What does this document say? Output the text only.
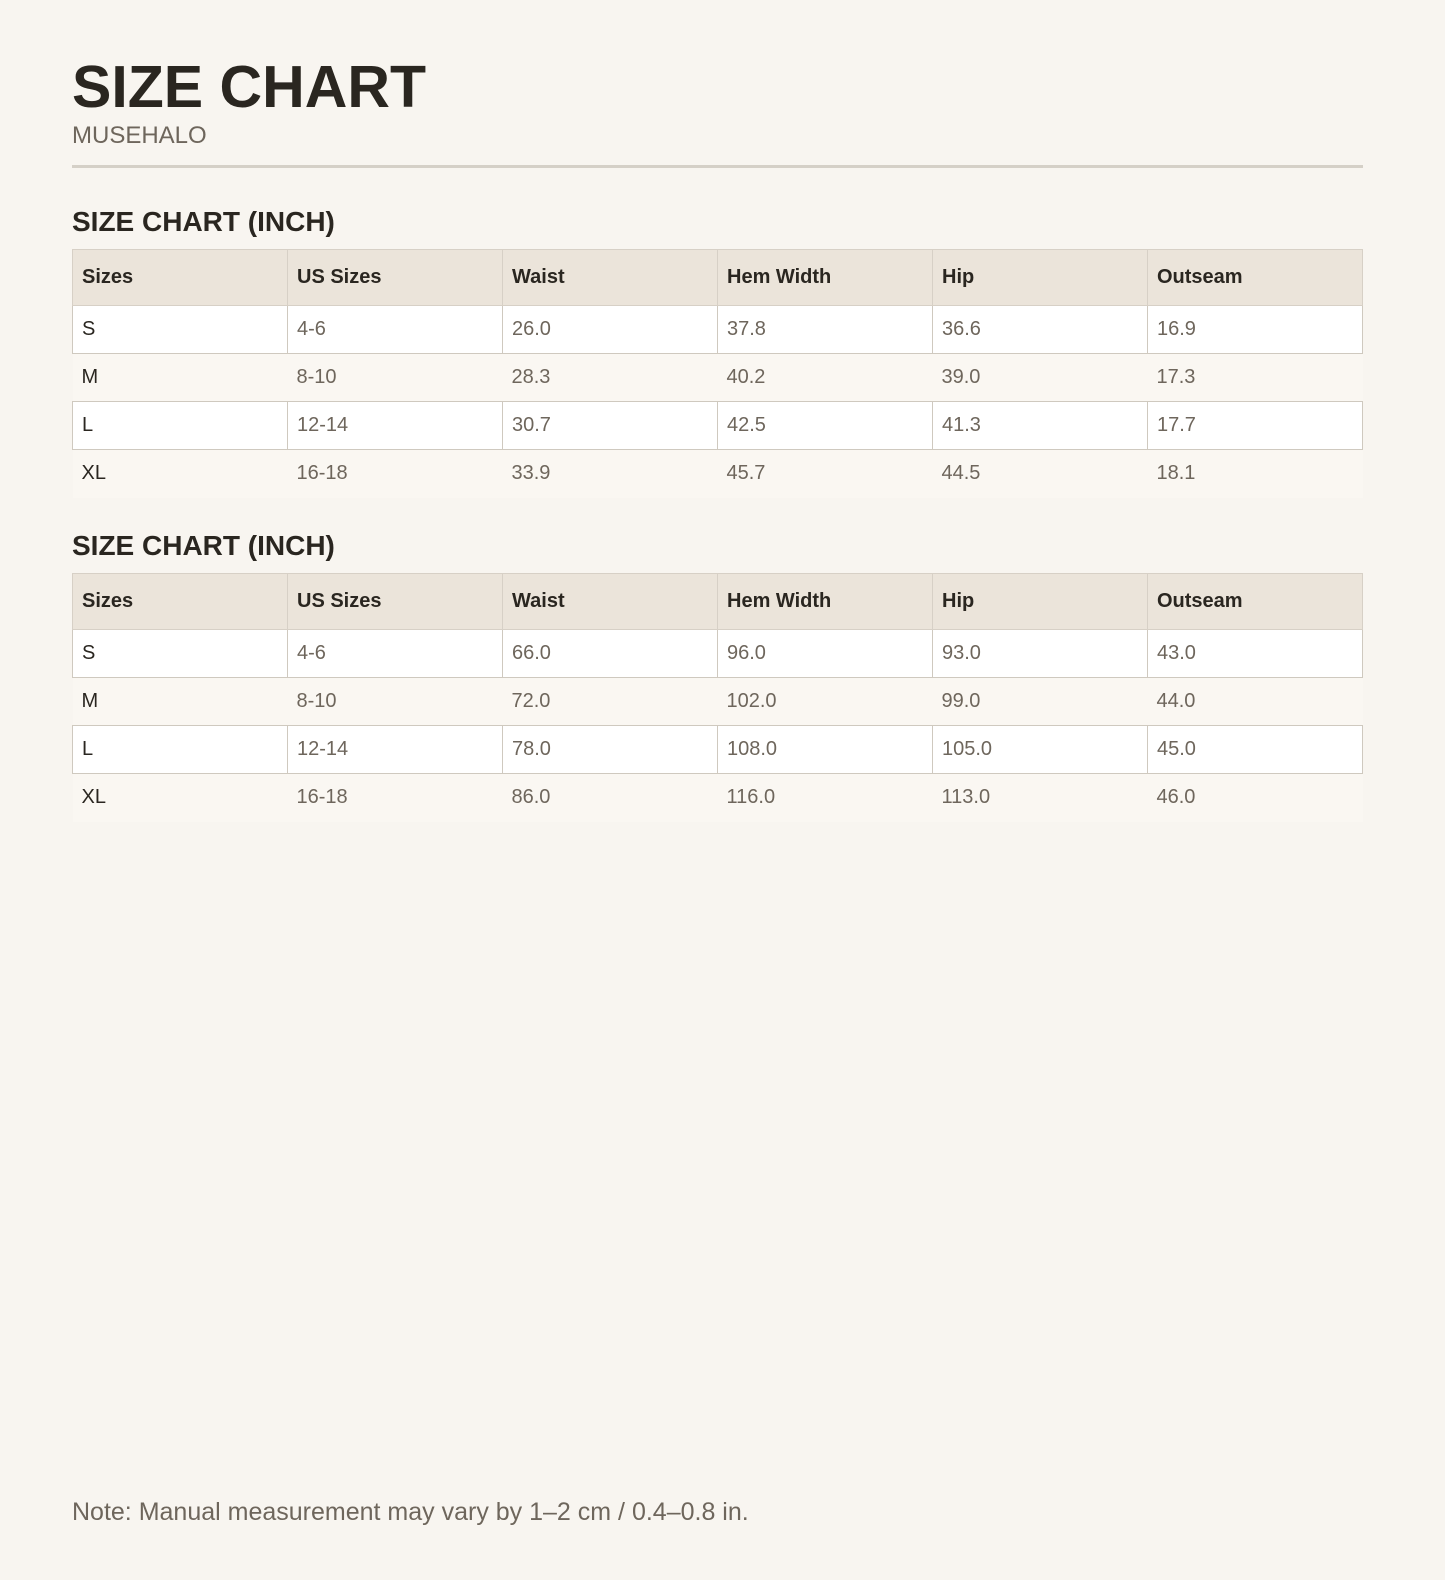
SIZE CHART
MUSEHALO
SIZE CHART (INCH)
Sizes	US Sizes	Waist	Hem Width	Hip	Outseam
S	4-6	26.0	37.8	36.6	16.9
M	8-10	28.3	40.2	39.0	17.3
L	12-14	30.7	42.5	41.3	17.7
XL	16-18	33.9	45.7	44.5	18.1
SIZE CHART (INCH)
Sizes	US Sizes	Waist	Hem Width	Hip	Outseam
S	4-6	66.0	96.0	93.0	43.0
M	8-10	72.0	102.0	99.0	44.0
L	12-14	78.0	108.0	105.0	45.0
XL	16-18	86.0	116.0	113.0	46.0
Note: Manual measurement may vary by 1–2 cm / 0.4–0.8 in.
